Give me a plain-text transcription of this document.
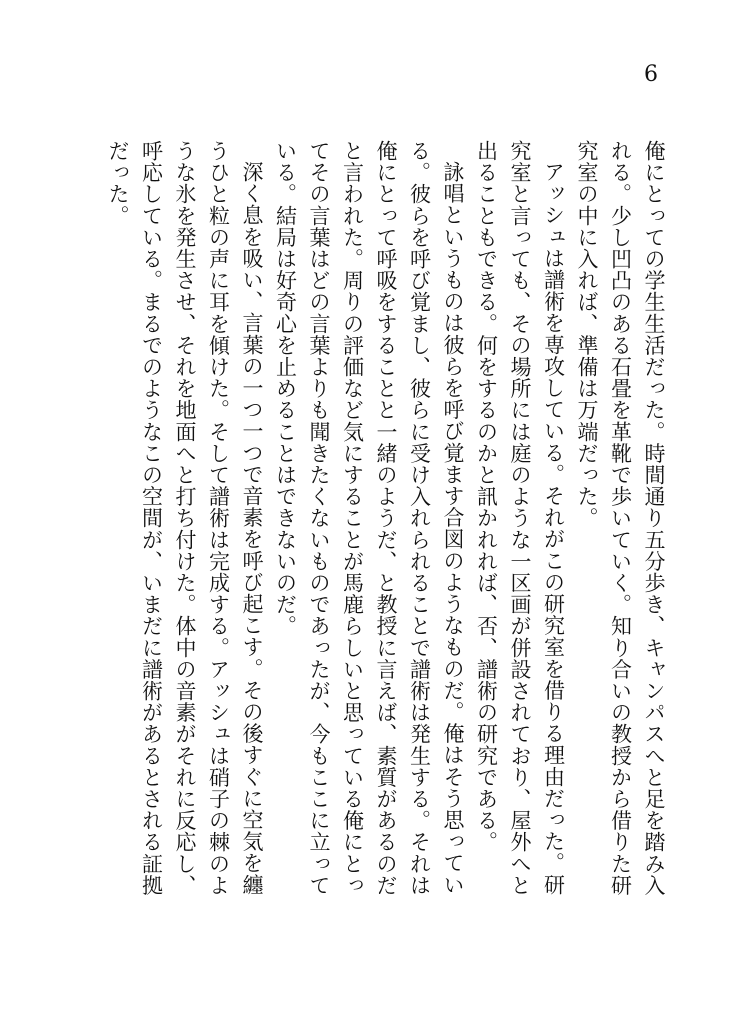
6

俺にとっての学生生活だった。時間通り五分歩き、キャンパスへと足を踏み入れる。少し凹凸のある石畳を革靴で歩いていく。知り合いの教授から借りた研究室の中に入れば、準備は万端だった。

アッシュは譜術を専攻している。それがこの研究室を借りる理由だった。研究室と言っても、その場所には庭のような一区画が併設されており、屋外へと出ることもできる。何をするのかと訊かれれば、否、譜術の研究である。

詠唱というものは彼らを呼び覚ます合図のようなものだ。俺はそう思っている。彼らを呼び覚まし、彼らに受け入れられることで譜術は発生する。それは俺にとって呼吸をすることと一緒のようだ、と教授に言えば、素質があるのだと言われた。周りの評価など気にすることが馬鹿らしいと思っている俺にとってその言葉はどの言葉よりも聞きたくないものであったが、今もここに立っている。結局は好奇心を止めることはできないのだ。

深く息を吸い、言葉の一つ一つで音素を呼び起こす。その後すぐに空気を纏うひと粒の声に耳を傾けた。そして譜術は完成する。アッシュは硝子の棘のような氷を発生させ、それを地面へと打ち付けた。体中の音素がそれに反応し、呼応している。まるでのようなこの空間が、いまだに譜術があるとされる証拠だった。
